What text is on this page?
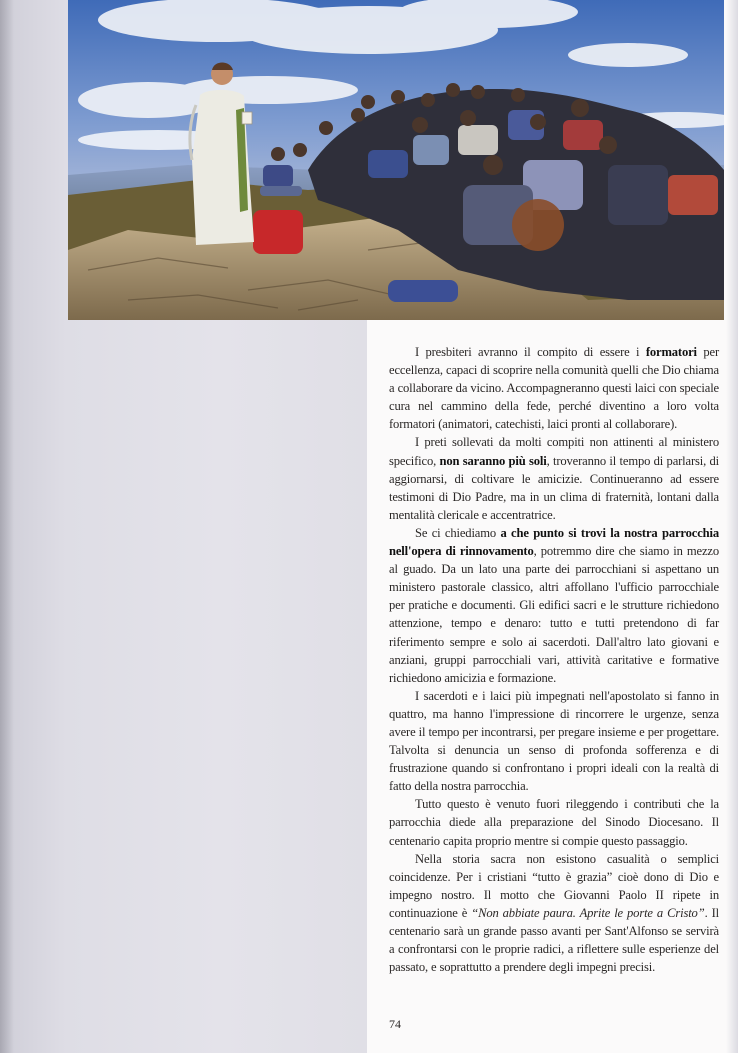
I presbiteri avranno il compito di essere i formatori per eccellenza, capaci di scoprire nella comunità quelli che Dio chiama a collaborare da vicino. Accompagneranno questi laici con speciale cura nel cammino della fede, perché diventino a loro volta formatori (animatori, catechisti, laici pronti al collaborare).

I preti sollevati da molti compiti non attinenti al ministero specifico, non saranno più soli, troveranno il tempo di parlarsi, di aggiornarsi, di coltivare le amicizie. Continueranno ad essere testimoni di Dio Padre, ma in un clima di fraternità, lontani dalla mentalità clericale e accentratrice.

Se ci chiediamo a che punto si trovi la nostra parrocchia nell'opera di rinnovamento, potremmo dire che siamo in mezzo al guado. Da un lato una parte dei parrocchiani si aspettano un ministero pastorale classico, altri affollano l'ufficio parrocchiale per pratiche e documenti. Gli edifici sacri e le strutture richiedono attenzione, tempo e denaro: tutto e tutti pretendono di far riferimento sempre e solo ai sacerdoti. Dall'altro lato giovani e anziani, gruppi parrocchiali vari, attività caritative e formative richiedono amicizia e formazione.

I sacerdoti e i laici più impegnati nell'apostolato si fanno in quattro, ma hanno l'impressione di rincorrere le urgenze, senza avere il tempo per incontrarsi, per pregare insieme e per progettare. Talvolta si denuncia un senso di profonda sofferenza e di frustrazione quando si confrontano i propri ideali con la realtà di fatto della nostra parrocchia.

Tutto questo è venuto fuori rileggendo i contributi che la parrocchia diede alla preparazione del Sinodo Diocesano. Il centenario capita proprio mentre si compie questo passaggio.

Nella storia sacra non esistono casualità o semplici coincidenze. Per i cristiani “tutto è grazia” cioè dono di Dio e impegno nostro. Il motto che Giovanni Paolo II ripete in continuazione è “Non abbiate paura. Aprite le porte a Cristo”. Il centenario sarà un grande passo avanti per Sant'Alfonso se servirà a confrontarsi con le proprie radici, a riflettere sulle esperienze del passato, e soprattutto a prendere degli impegni precisi.

74
